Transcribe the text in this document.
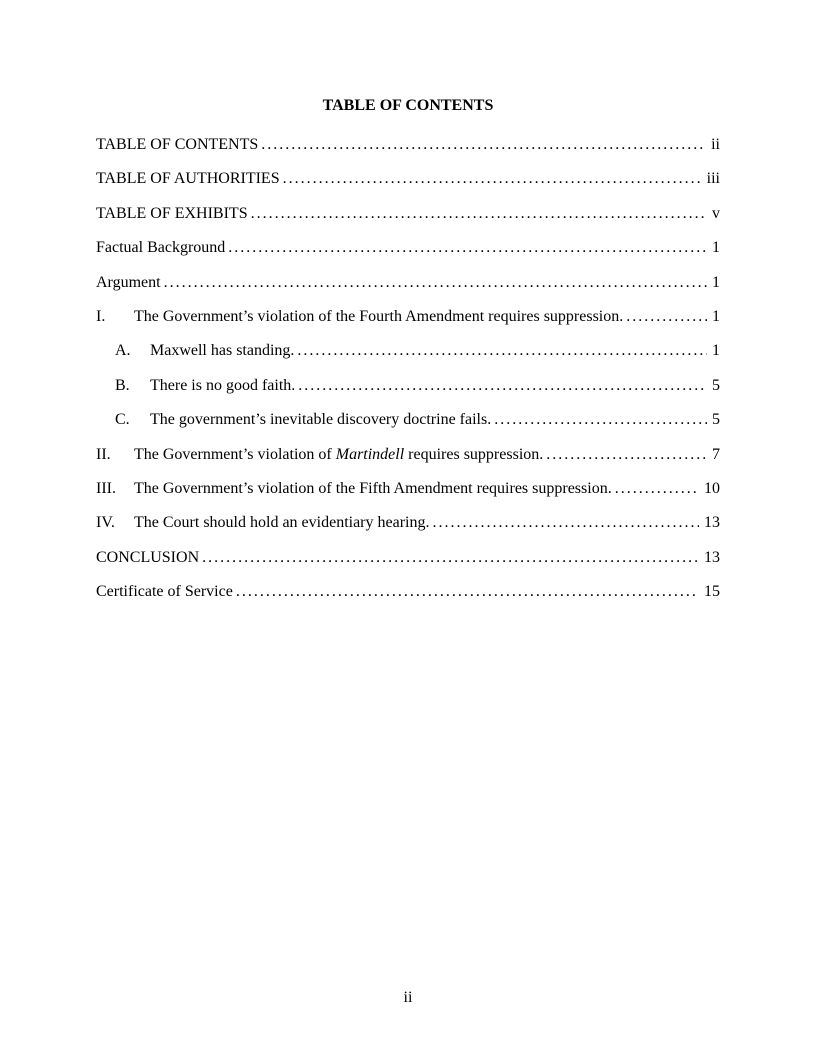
TABLE OF CONTENTS
TABLE OF CONTENTS .....	ii
TABLE OF AUTHORITIES .....	iii
TABLE OF EXHIBITS .....	v
Factual Background .....	1
Argument .....	1
I.	The Government’s violation of the Fourth Amendment requires suppression. .....	1
A.	Maxwell has standing. .....	1
B.	There is no good faith. .....	5
C.	The government’s inevitable discovery doctrine fails. .....	5
II.	The Government’s violation of Martindell requires suppression. .....	7
III.	The Government’s violation of the Fifth Amendment requires suppression. .....	10
IV.	The Court should hold an evidentiary hearing. .....	13
CONCLUSION .....	13
Certificate of Service .....	15
ii
